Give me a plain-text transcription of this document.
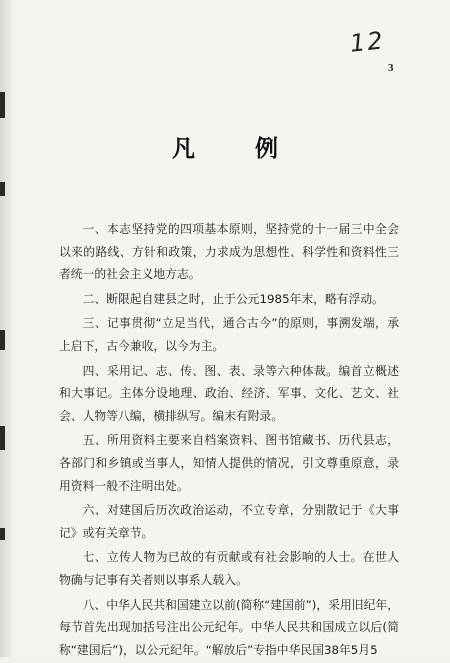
12
3
凡 例

一、本志坚持党的四项基本原则，坚持党的十一届三中全会以来的路线、方针和政策，力求成为思想性、科学性和资料性三者统一的社会主义地方志。

二、断限起自建县之时，止于公元1985年末，略有浮动。

三、记事贯彻“立足当代，通合古今”的原则，事溯发端，承上启下，古今兼收，以今为主。

四、采用记、志、传、图、表、录等六种体裁。编首立概述和大事记。主体分设地理、政治、经济、军事、文化、艺文、社会、人物等八编，横排纵写。编末有附录。

五、所用资料主要来自档案资料、图书馆藏书、历代县志，各部门和乡镇或当事人，知情人提供的情况，引文尊重原意，录用资料一般不注明出处。

六、对建国后历次政治运动，不立专章，分别散记于《大事记》或有关章节。

七、立传人物为已故的有贡献或有社会影响的人士。在世人物确与记事有关者则以事系人载入。

八、中华人民共和国建立以前(简称“建国前”)，采用旧纪年，每节首先出现加括号注出公元纪年。中华人民共和国成立以后(简称“建国后”)，以公元纪年。“解放后”专指中华民国38年5月5
